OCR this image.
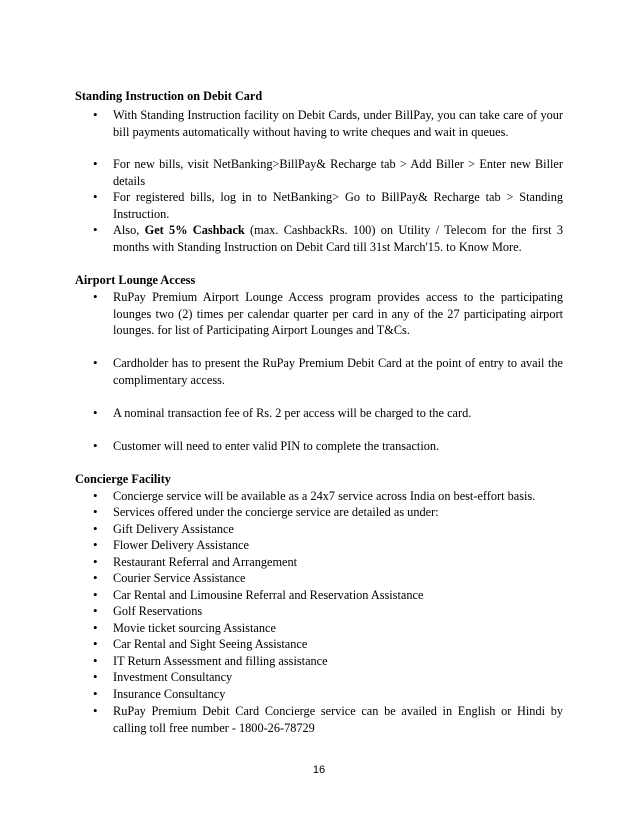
Standing Instruction on Debit Card
•
With Standing Instruction facility on Debit Cards, under BillPay, you can take care of your bill payments automatically without having to write cheques and wait in queues.
•
For new bills, visit NetBanking>BillPay& Recharge tab > Add Biller > Enter new Biller details
•
For registered bills, log in to NetBanking> Go to BillPay& Recharge tab > Standing Instruction.
•
Also, Get 5% Cashback (max. CashbackRs. 100) on Utility / Telecom for the first 3 months with Standing Instruction on Debit Card till 31st March'15. to Know More.
Airport Lounge Access
•
RuPay Premium Airport Lounge Access program provides access to the participating lounges two (2) times per calendar quarter per card in any of the 27 participating airport lounges. for list of Participating Airport Lounges and T&Cs.
•
Cardholder has to present the RuPay Premium Debit Card at the point of entry to avail the complimentary access.
•
A nominal transaction fee of Rs. 2 per access will be charged to the card.
•
Customer will need to enter valid PIN to complete the transaction.
Concierge Facility
•
Concierge service will be available as a 24x7 service across India on best-effort basis.
•
Services offered under the concierge service are detailed as under:
•
Gift Delivery Assistance
•
Flower Delivery Assistance
•
Restaurant Referral and Arrangement
•
Courier Service Assistance
•
Car Rental and Limousine Referral and Reservation Assistance
•
Golf Reservations
•
Movie ticket sourcing Assistance
•
Car Rental and Sight Seeing Assistance
•
IT Return Assessment and filling assistance
•
Investment Consultancy
•
Insurance Consultancy
•
RuPay Premium Debit Card Concierge service can be availed in English or Hindi by calling toll free number - 1800-26-78729
16
